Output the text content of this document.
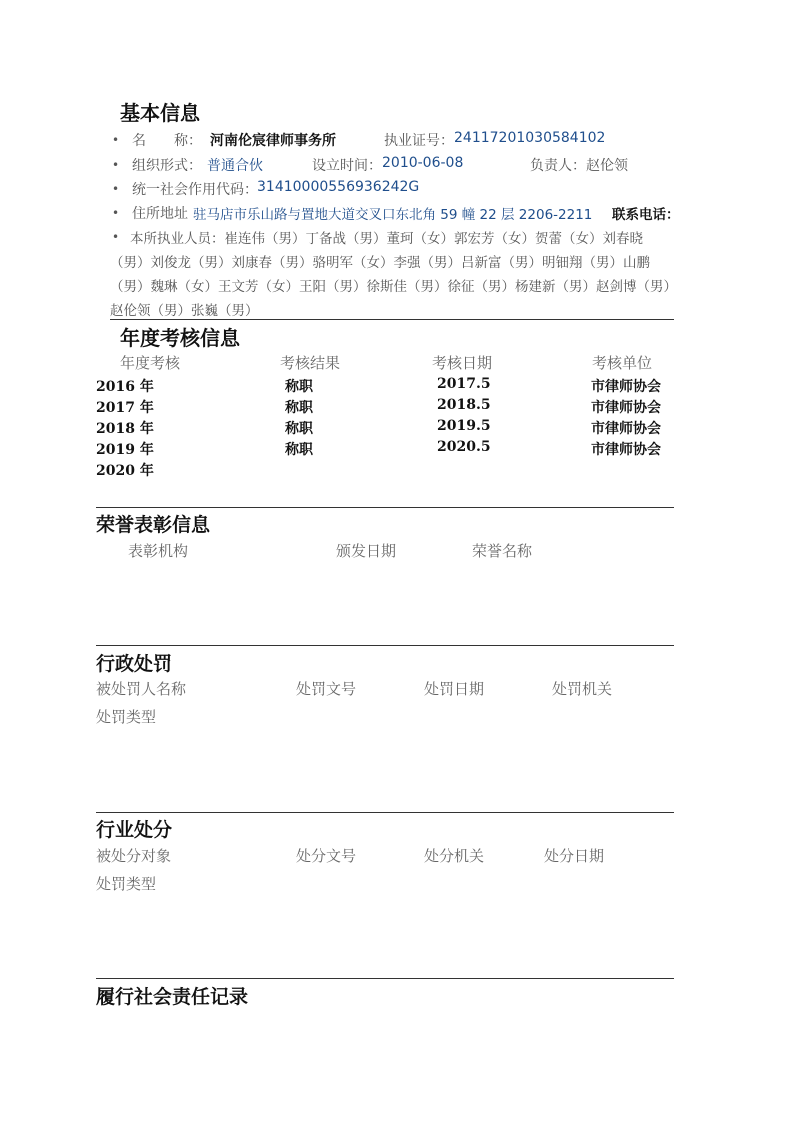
基本信息
• 名　　称： 河南伦宸律师事务所	执业证号： 24117201030584102
• 组织形式： 普通合伙	设立时间： 2010-06-08	负责人： 赵伦领
• 统一社会作用代码： 31410000556936242G
• 住所地址 驻马店市乐山路与置地大道交叉口东北角 59 幢 22 层 2206-2211 联系电话：
• 本所执业人员：崔连伟（男）丁备战（男）董珂（女）郭宏芳（女）贺蕾（女）刘春晓（男）刘俊龙（男）刘康春（男）骆明军（女）李强（男）吕新富（男）明钿翔（男）山鹏（男）魏琳（女）王文芳（女）王阳（男）徐斯佳（男）徐征（男）杨建新（男）赵剑博（男）赵伦领（男）张巍（男）
年度考核信息
年度考核	考核结果	考核日期	考核单位
2016 年	称职	2017.5	市律师协会
2017 年	称职	2018.5	市律师协会
2018 年	称职	2019.5	市律师协会
2019 年	称职	2020.5	市律师协会
2020 年
荣誉表彰信息
表彰机构	颁发日期	荣誉名称
行政处罚
被处罚人名称	处罚文号	处罚日期	处罚机关
处罚类型
行业处分
被处分对象	处分文号	处分机关	处分日期
处罚类型
履行社会责任记录
